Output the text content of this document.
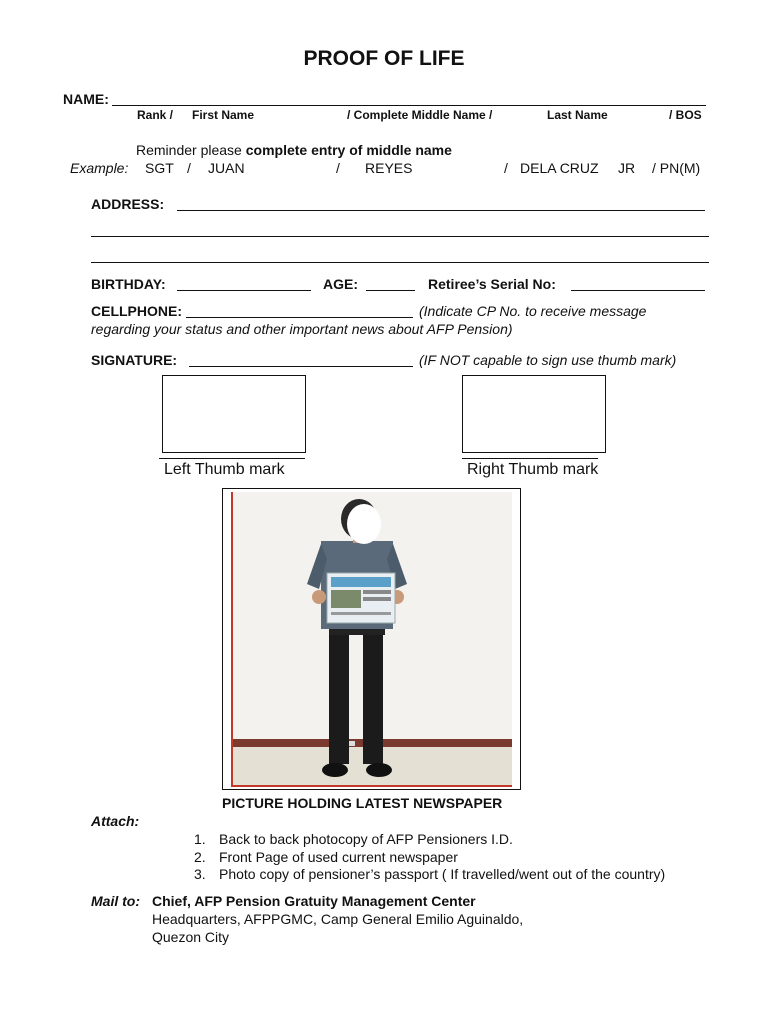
PROOF OF LIFE
NAME:
Rank / First Name	/ Complete Middle Name /	Last Name	/ BOS
Reminder please complete entry of middle name
Example: SGT / JUAN	/ REYES	/ DELA CRUZ JR / PN(M)
ADDRESS:
BIRTHDAY:	AGE:	Retiree’s Serial No:
CELLPHONE:	(Indicate CP No. to receive message
regarding your status and other important news about AFP Pension)
SIGNATURE:	(IF NOT capable to sign use thumb mark)
Left Thumb mark	Right Thumb mark
PICTURE HOLDING LATEST NEWSPAPER
Attach:
1. Back to back photocopy of AFP Pensioners I.D.
2. Front Page of used current newspaper
3. Photo copy of pensioner’s passport ( If travelled/went out of the country)
Mail to: Chief, AFP Pension Gratuity Management Center
Headquarters, AFPPGMC, Camp General Emilio Aguinaldo,
Quezon City
